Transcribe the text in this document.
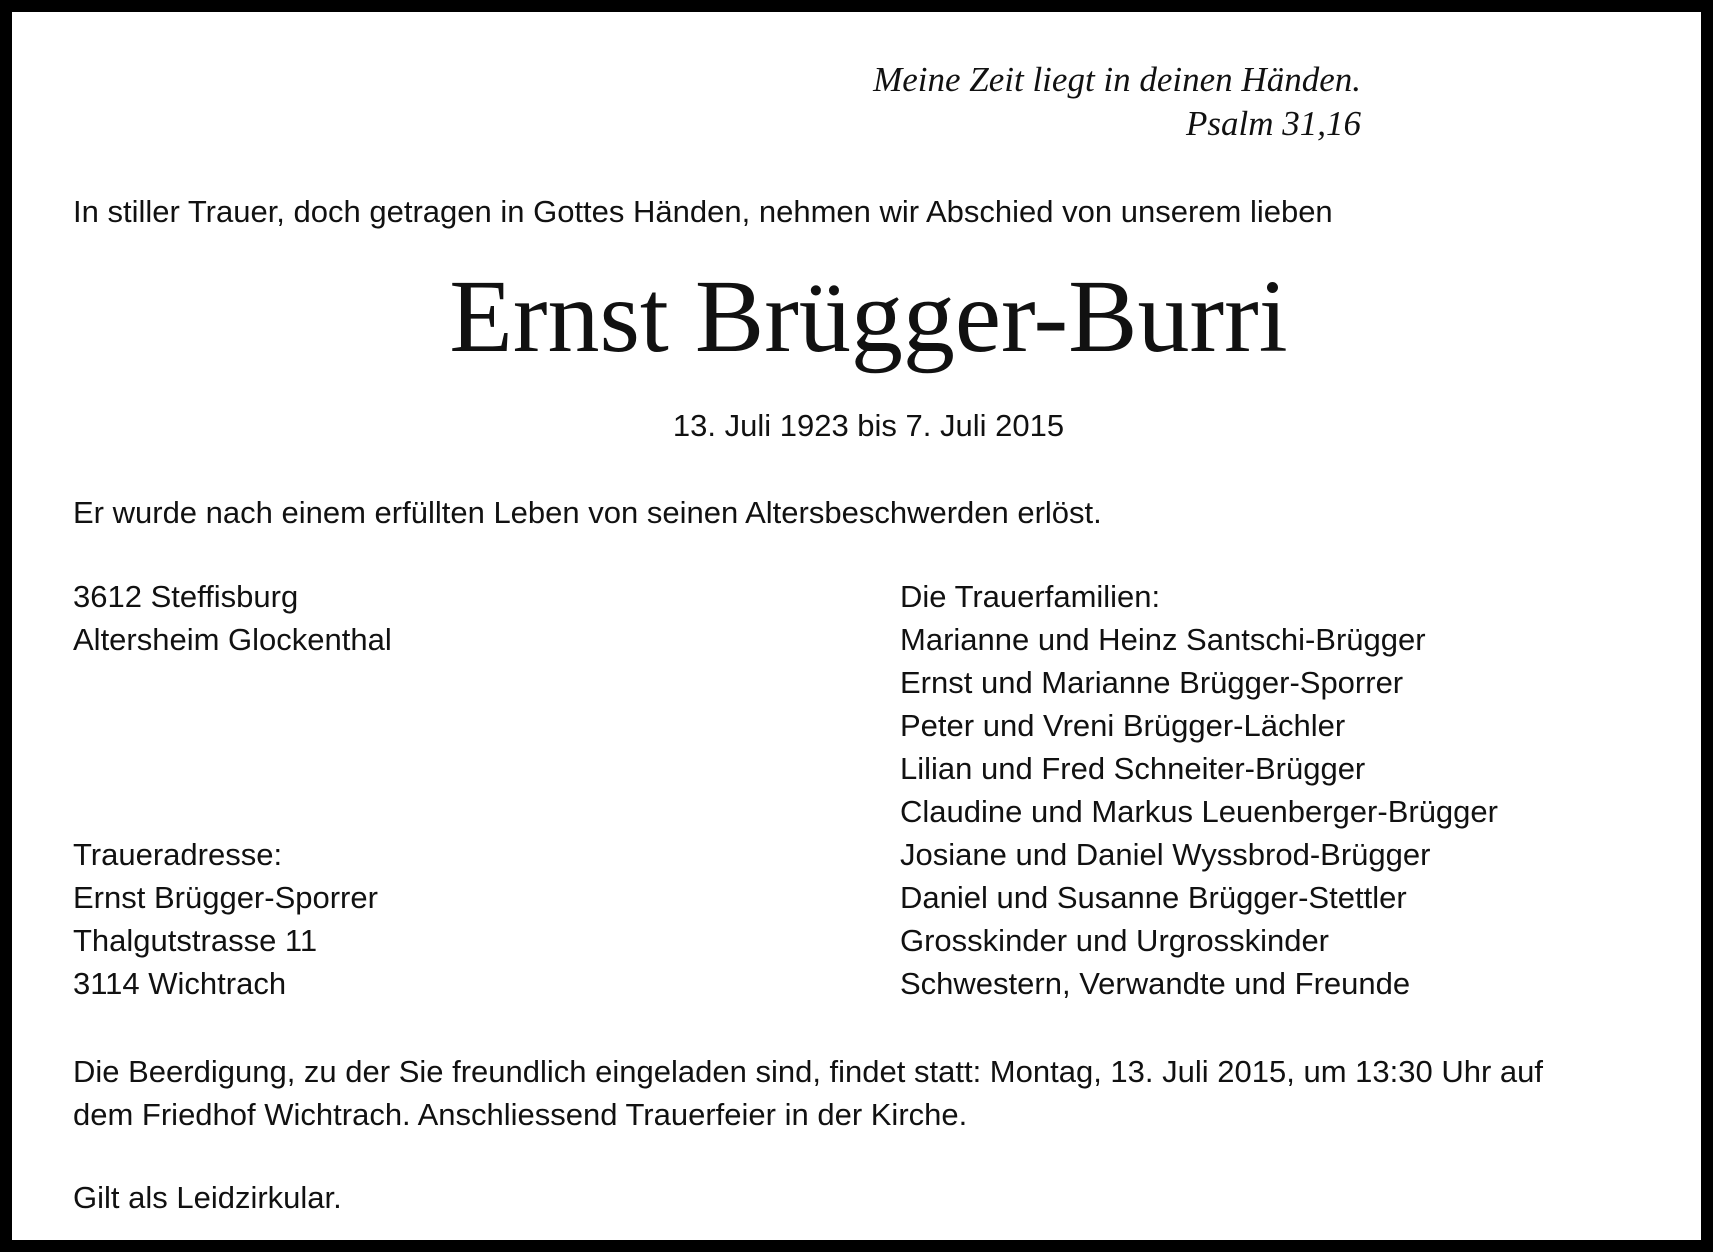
Meine Zeit liegt in deinen Händen.
Psalm 31,16
In stiller Trauer, doch getragen in Gottes Händen, nehmen wir Abschied von unserem lieben
Ernst Brügger-Burri
13. Juli 1923 bis 7. Juli 2015
Er wurde nach einem erfüllten Leben von seinen Altersbeschwerden erlöst.
3612 Steffisburg
Altersheim Glockenthal
Traueradresse:
Ernst Brügger-Sporrer
Thalgutstrasse 11
3114 Wichtrach
Die Trauerfamilien:
Marianne und Heinz Santschi-Brügger
Ernst und Marianne Brügger-Sporrer
Peter und Vreni Brügger-Lächler
Lilian und Fred Schneiter-Brügger
Claudine und Markus Leuenberger-Brügger
Josiane und Daniel Wyssbrod-Brügger
Daniel und Susanne Brügger-Stettler
Grosskinder und Urgrosskinder
Schwestern, Verwandte und Freunde
Die Beerdigung, zu der Sie freundlich eingeladen sind, findet statt: Montag, 13. Juli 2015, um 13:30 Uhr auf
dem Friedhof Wichtrach. Anschliessend Trauerfeier in der Kirche.
Gilt als Leidzirkular.
